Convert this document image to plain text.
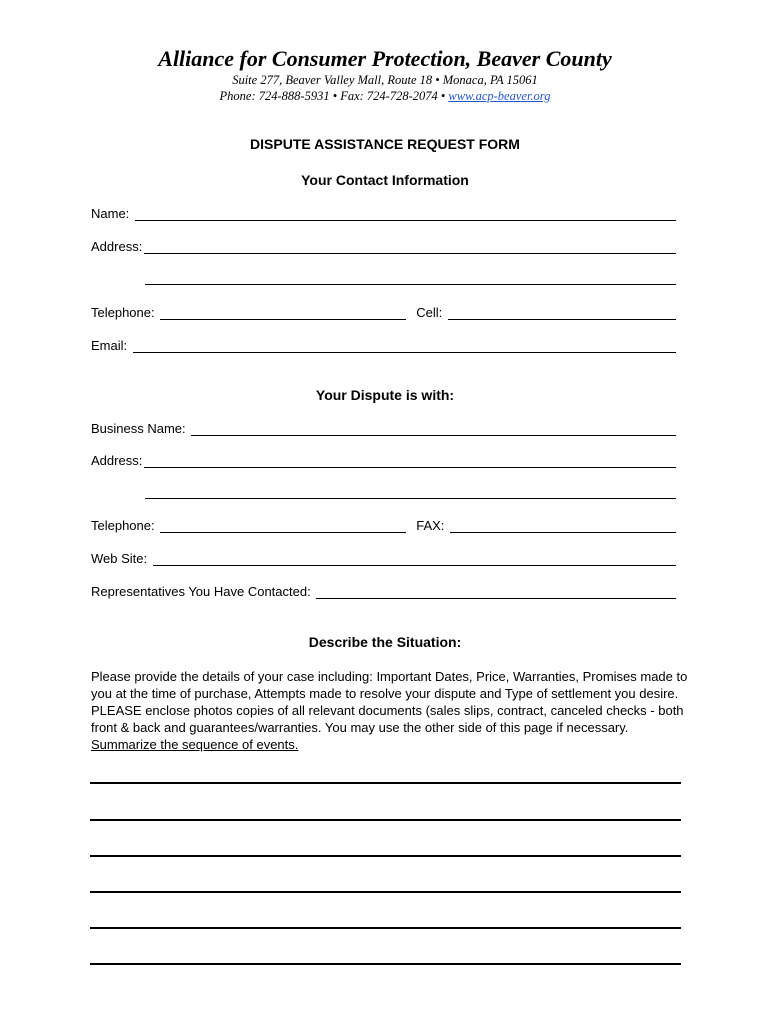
Alliance for Consumer Protection, Beaver County
Suite 277, Beaver Valley Mall, Route 18 • Monaca, PA 15061
Phone: 724-888-5931 • Fax: 724-728-2074 • www.acp-beaver.org
DISPUTE ASSISTANCE REQUEST FORM
Your Contact Information
Name:
Address:
Telephone:	Cell:
Email:
Your Dispute is with:
Business Name:
Address:
Telephone:	FAX:
Web Site:
Representatives You Have Contacted:
Describe the Situation:
Please provide the details of your case including: Important Dates, Price, Warranties, Promises made to you at the time of purchase, Attempts made to resolve your dispute and Type of settlement you desire. PLEASE enclose photos copies of all relevant documents (sales slips, contract, canceled checks - both front & back and guarantees/warranties. You may use the other side of this page if necessary. Summarize the sequence of events.
